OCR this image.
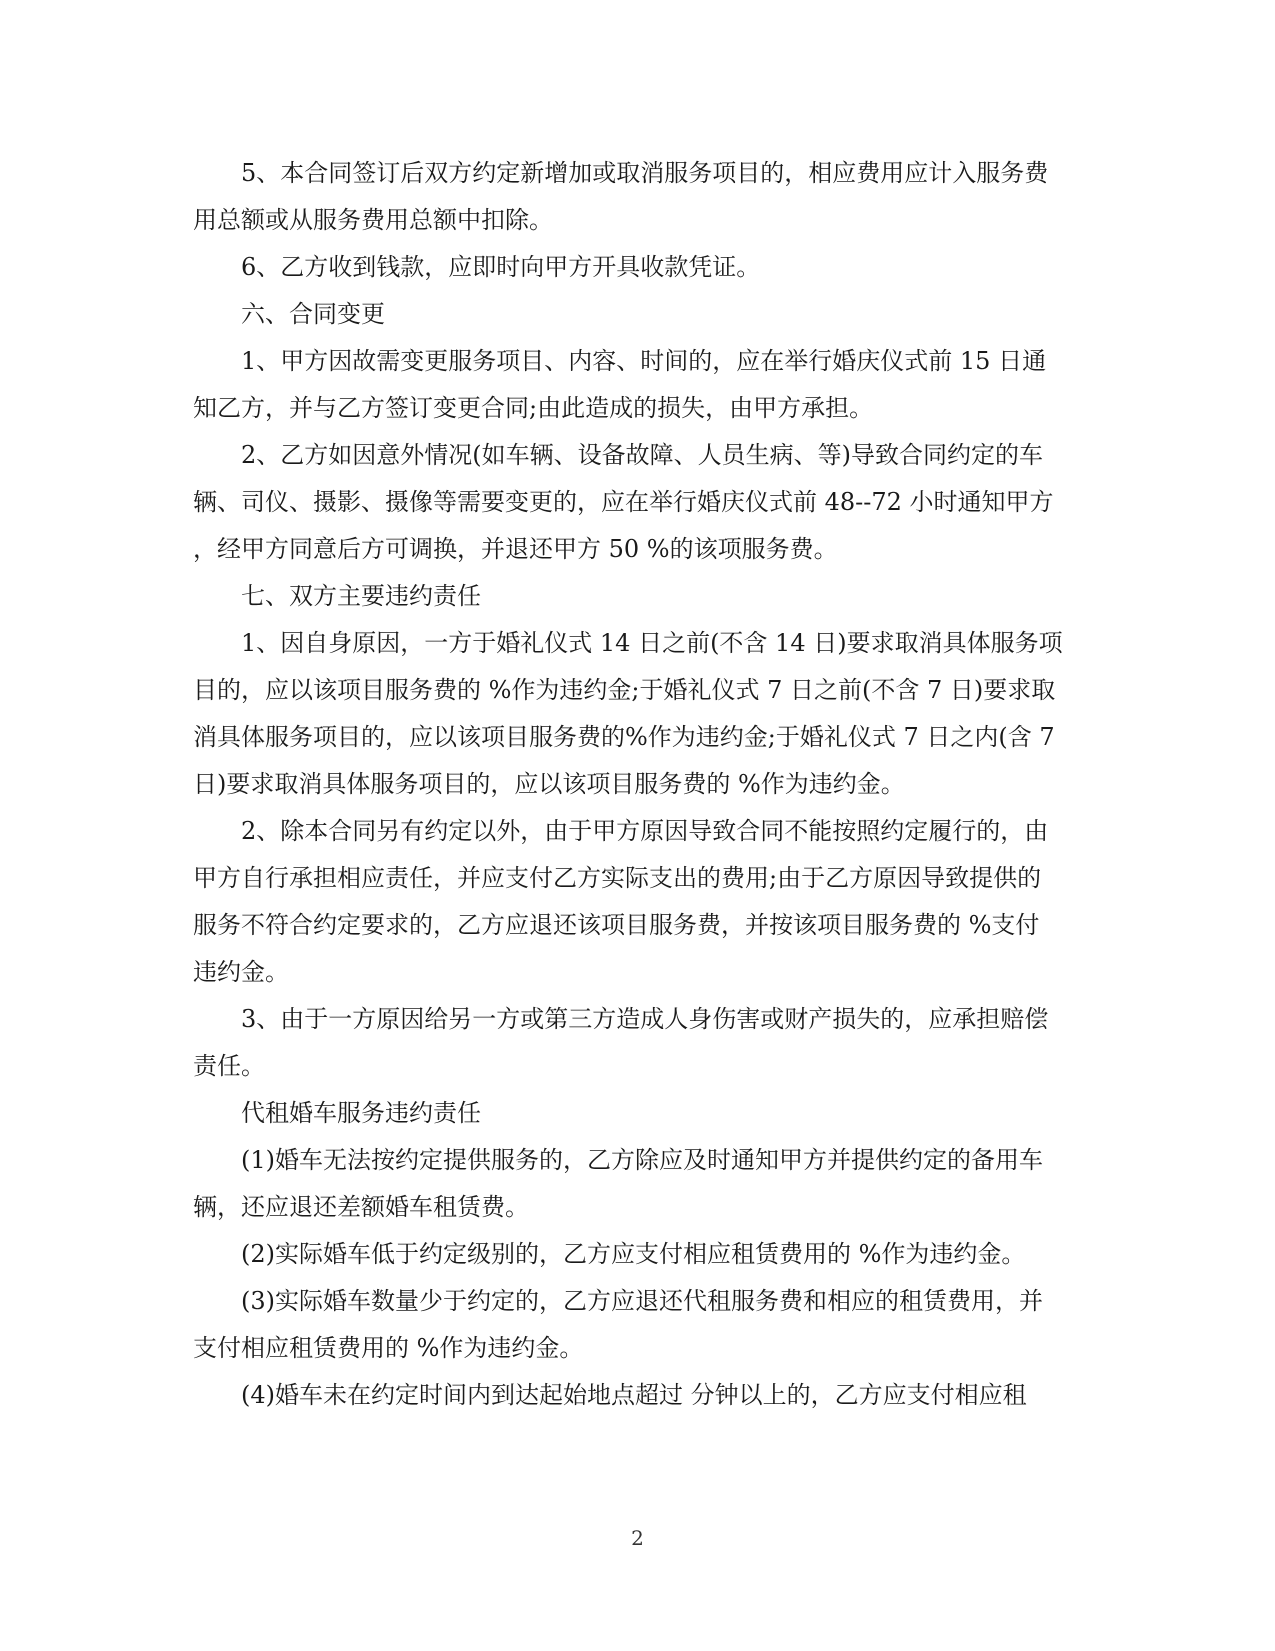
5、本合同签订后双方约定新增加或取消服务项目的，相应费用应计入服务费

用总额或从服务费用总额中扣除。

6、乙方收到钱款，应即时向甲方开具收款凭证。

六、合同变更

1、甲方因故需变更服务项目、内容、时间的，应在举行婚庆仪式前 15 日通

知乙方，并与乙方签订变更合同;由此造成的损失，由甲方承担。

2、乙方如因意外情况(如车辆、设备故障、人员生病、等)导致合同约定的车

辆、司仪、摄影、摄像等需要变更的，应在举行婚庆仪式前 48--72 小时通知甲方

，经甲方同意后方可调换，并退还甲方 50 %的该项服务费。

七、双方主要违约责任

1、因自身原因，一方于婚礼仪式 14 日之前(不含 14 日)要求取消具体服务项

目的，应以该项目服务费的 %作为违约金;于婚礼仪式 7 日之前(不含 7 日)要求取

消具体服务项目的，应以该项目服务费的%作为违约金;于婚礼仪式 7 日之内(含 7

日)要求取消具体服务项目的，应以该项目服务费的 %作为违约金。

2、除本合同另有约定以外，由于甲方原因导致合同不能按照约定履行的，由

甲方自行承担相应责任，并应支付乙方实际支出的费用;由于乙方原因导致提供的

服务不符合约定要求的，乙方应退还该项目服务费，并按该项目服务费的 %支付

违约金。

3、由于一方原因给另一方或第三方造成人身伤害或财产损失的，应承担赔偿

责任。

代租婚车服务违约责任

(1)婚车无法按约定提供服务的，乙方除应及时通知甲方并提供约定的备用车

辆，还应退还差额婚车租赁费。

(2)实际婚车低于约定级别的，乙方应支付相应租赁费用的 %作为违约金。

(3)实际婚车数量少于约定的，乙方应退还代租服务费和相应的租赁费用，并

支付相应租赁费用的 %作为违约金。

(4)婚车未在约定时间内到达起始地点超过 分钟以上的，乙方应支付相应租

2
